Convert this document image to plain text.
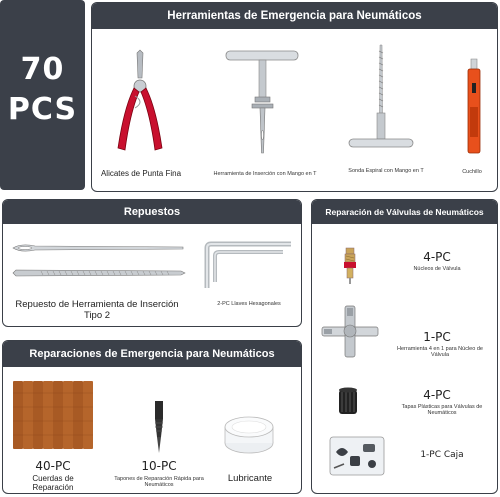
70
PCS
Herramientas de Emergencia para Neumáticos
Alicates de Punta Fina	Herramienta de Inserción con Mango en T	Sonda Espiral con Mango en T	Cuchillo
Repuestos
Repuesto de Herramienta de Inserción Tipo 2
2-PC Llaves Hexagonales
Reparación de Válvulas de Neumáticos
4-PC
Núcleos de Válvula
1-PC
Herramienta 4 en 1 para Núcleo de Válvula
4-PC
Tapas Plásticas para Válvulas de Neumáticos
1-PC Caja
Reparaciones de Emergencia para Neumáticos
40-PC
Cuerdas de Reparación
10-PC
Tapones de Reparación Rápida para Neumáticos
Lubricante
